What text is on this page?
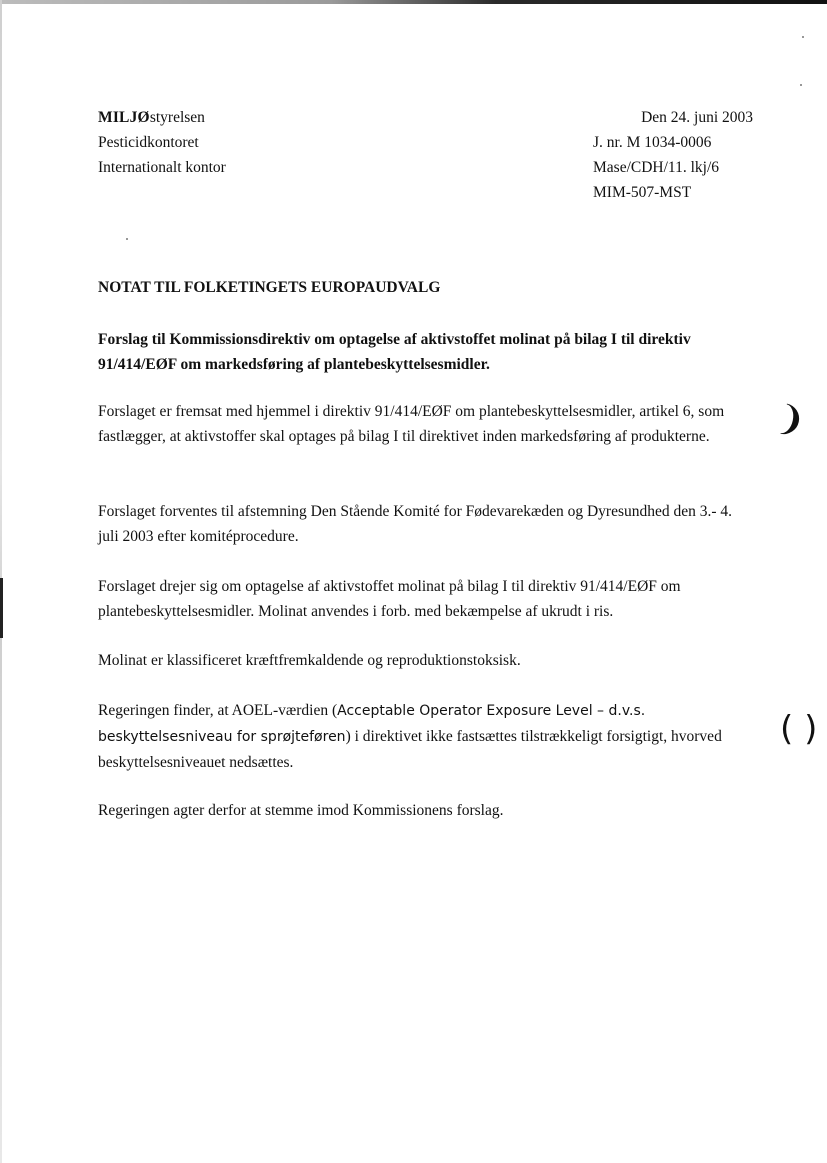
MILJØstyrelsen
Pesticidkontoret
Internationalt kontor
Den 24. juni 2003
J. nr. M 1034-0006
Mase/CDH/11. lkj/6
MIM-507-MST
NOTAT TIL FOLKETINGETS EUROPAUDVALG
Forslag til Kommissionsdirektiv om optagelse af aktivstoffet molinat på bilag I til direktiv 91/414/EØF om markedsføring af plantebeskyttelsesmidler.

Forslaget er fremsat med hjemmel i direktiv 91/414/EØF om plantebeskyttelsesmidler, artikel 6, som fastlægger, at aktivstoffer skal optages på bilag I til direktivet inden markedsføring af produkterne.

Forslaget forventes til afstemning Den Stående Komité for Fødevarekæden og Dyresundhed den 3.- 4. juli 2003 efter komitéprocedure.

Forslaget drejer sig om optagelse af aktivstoffet molinat på bilag I til direktiv 91/414/EØF om plantebeskyttelsesmidler. Molinat anvendes i forb. med bekæmpelse af ukrudt i ris.

Molinat er klassificeret kræftfremkaldende og reproduktionstoksisk.

Regeringen finder, at AOEL-værdien (Acceptable Operator Exposure Level – d.v.s. beskyttelsesniveau for sprøjteføren) i direktivet ikke fastsættes tilstrækkeligt forsigtigt, hvorved beskyttelsesniveauet nedsættes.

Regeringen agter derfor at stemme imod Kommissionens forslag.

❩
( )
